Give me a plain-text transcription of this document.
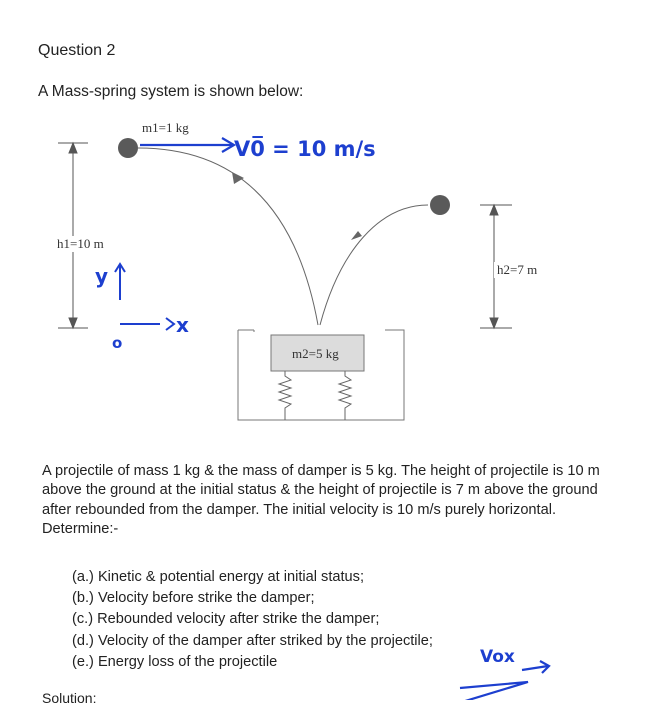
Question 2
A Mass-spring system is shown below:
h1=10 m
m1=1 kg
h2=7 m
m2=5 kg
V0̅ = 10 m/s
y
x
o
A projectile of mass 1 kg & the mass of damper is 5 kg. The height of projectile is 10 m
above the ground at the initial status & the height of projectile is 7 m above the ground
after rebounded from the damper. The initial velocity is 10 m/s purely horizontal.
Determine:-
(a.) Kinetic & potential energy at initial status;
(b.) Velocity before strike the damper;
(c.) Rebounded velocity after strike the damper;
(d.) Velocity of the damper after striked by the projectile;
(e.) Energy loss of the projectile	Vox
Solution:
